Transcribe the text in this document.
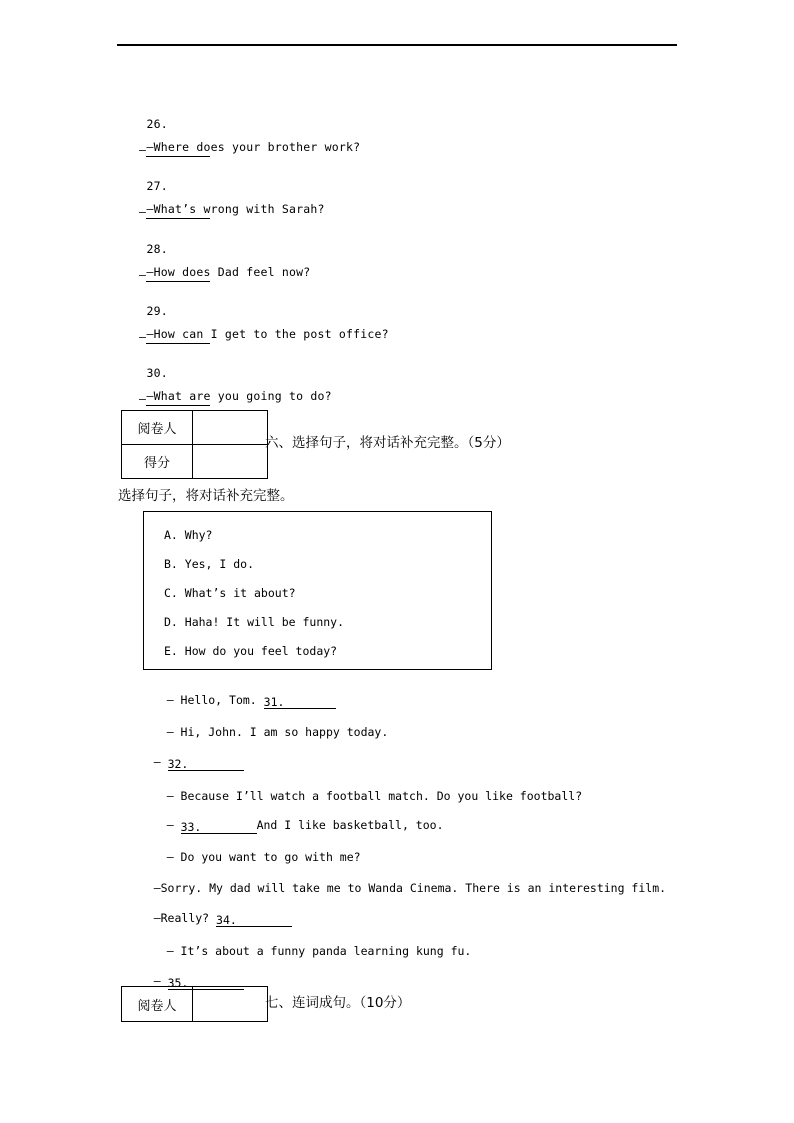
26.

—Where does your brother work?

—

27.

—What’s wrong with Sarah?

—

28.

—How does Dad feel now?

—

29.

—How can I get to the post office?

—

30.

—What are you going to do?

—
阅卷人	
得分	
六、选择句子，将对话补充完整。（5分）
选择句子，将对话补充完整。
A. Why?
B. Yes, I do.
C. What’s it about?
D. Haha! It will be funny.
E. How do you feel today?

— Hello, Tom. 31.

— Hi, John. I am so happy today.

— 32.

— Because I’ll watch a football match. Do you like football?

— 33.	And I like basketball, too.

— Do you want to go with me?

—Sorry. My dad will take me to Wanda Cinema. There is an interesting film.

—Really? 34.

— It’s about a funny panda learning kung fu.

— 35.

阅卷人		七、连词成句。（10分）
